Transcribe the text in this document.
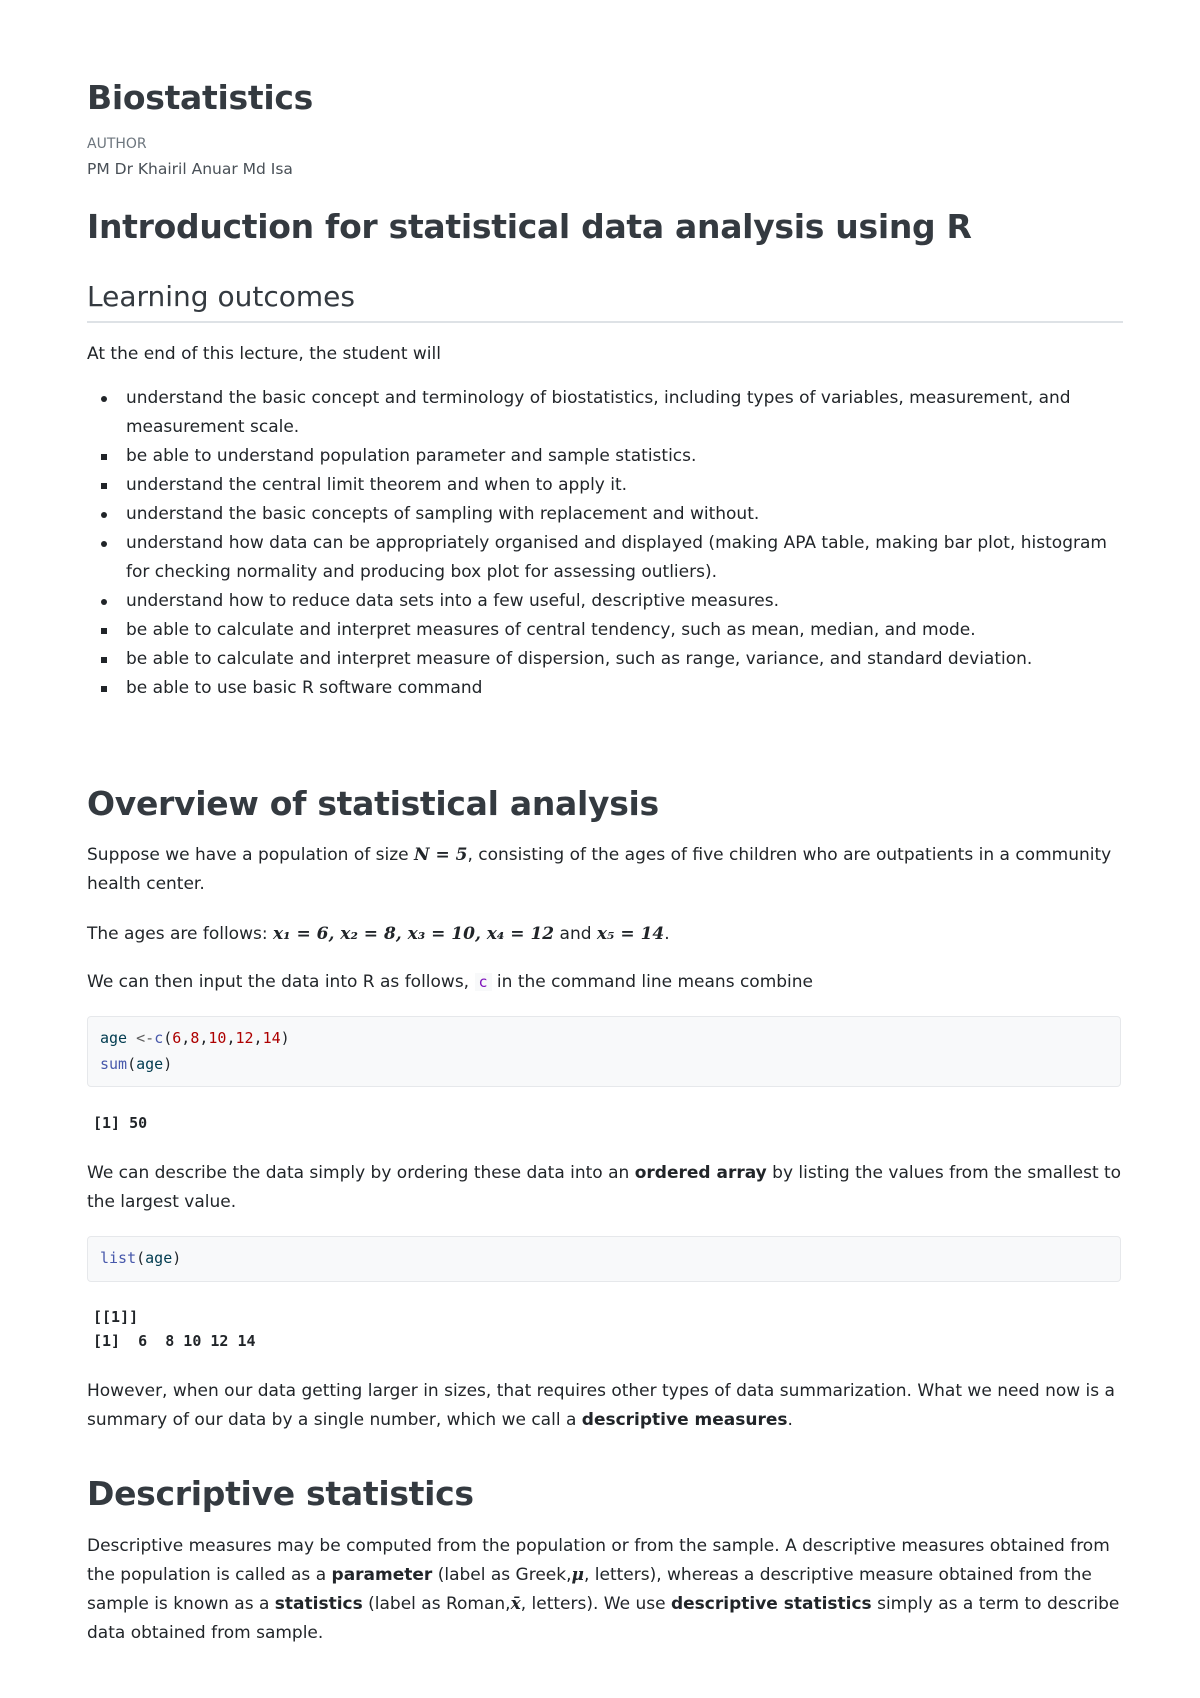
Biostatistics
AUTHOR
PM Dr Khairil Anuar Md Isa
Introduction for statistical data analysis using R
Learning outcomes

At the end of this lecture, the student will

understand the basic concept and terminology of biostatistics, including types of variables, measurement, and measurement scale.
be able to understand population parameter and sample statistics.
understand the central limit theorem and when to apply it.
understand the basic concepts of sampling with replacement and without.
understand how data can be appropriately organised and displayed (making APA table, making bar plot, histogram for checking normality and producing box plot for assessing outliers).
understand how to reduce data sets into a few useful, descriptive measures.
be able to calculate and interpret measures of central tendency, such as mean, median, and mode.
be able to calculate and interpret measure of dispersion, such as range, variance, and standard deviation.
be able to use basic R software command
Overview of statistical analysis

Suppose we have a population of size N = 5, consisting of the ages of five children who are outpatients in a community health center.

The ages are follows: x₁ = 6, x₂ = 8, x₃ = 10, x₄ = 12 and x₅ = 14.

We can then input the data into R as follows, c in the command line means combine

age <-c(6,8,10,12,14)
sum(age)
[1] 50

We can describe the data simply by ordering these data into an ordered array by listing the values from the smallest to the largest value.

list(age)
[[1]]
[1]  6  8 10 12 14

However, when our data getting larger in sizes, that requires other types of data summarization. What we need now is a summary of our data by a single number, which we call a descriptive measures.

Descriptive statistics

Descriptive measures may be computed from the population or from the sample. A descriptive measures obtained from the population is called as a parameter (label as Greek,μ, letters), whereas a descriptive measure obtained from the sample is known as a statistics (label as Roman,x̄, letters). We use descriptive statistics simply as a term to describe data obtained from sample.
